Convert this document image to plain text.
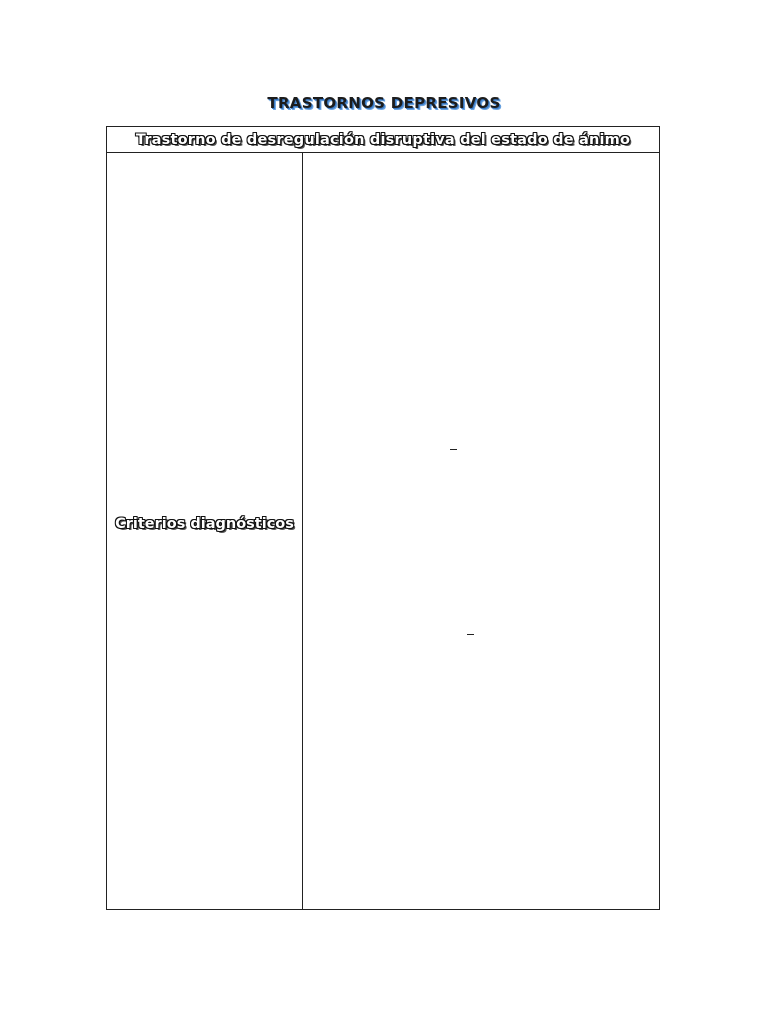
TRASTORNOS DEPRESIVOS
Trastorno de desregulación disruptiva del estado de ánimo
Criterios diagnósticos
